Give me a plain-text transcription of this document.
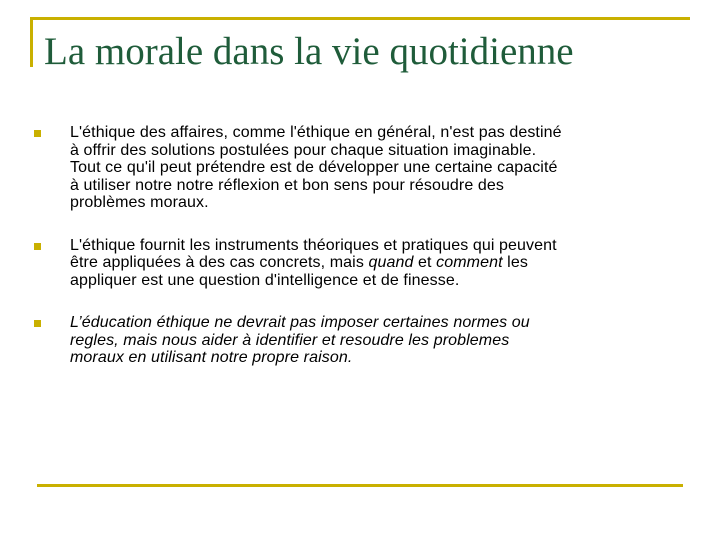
La morale dans la vie quotidienne
L'éthique des affaires, comme l'éthique en général, n'est pas destiné
à offrir des solutions postulées pour chaque situation imaginable.
Tout ce qu'il peut prétendre est de développer une certaine capacité
à utiliser notre notre réflexion et bon sens pour résoudre des
problèmes moraux.
L'éthique fournit les instruments théoriques et pratiques qui peuvent
être appliquées à des cas concrets, mais quand et comment les
appliquer est une question d'intelligence et de finesse.
L’éducation éthique ne devrait pas imposer certaines normes ou
regles, mais nous aider à identifier et resoudre les problemes
moraux en utilisant notre propre raison.
